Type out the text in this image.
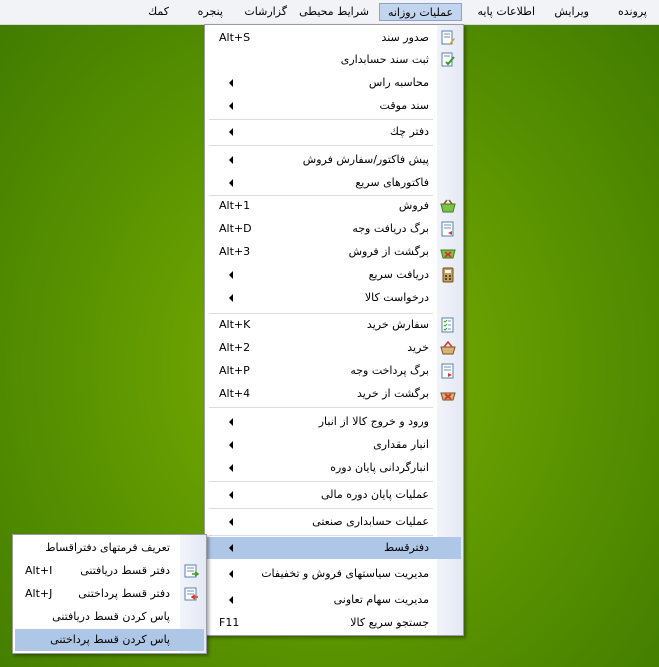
پرونده
ویرایش
اطلاعات پایه
عملیات روزانه
شرایط محیطی
گزارشات
پنجره
کمك
Alt+S	صدور سند
ثبت سند حسابداری
محاسبه راس
سند موقت
دفتر چك
پیش فاکتور/سفارش فروش
فاکتورهای سریع
Alt+1	فروش
Alt+D	برگ دریافت وجه
Alt+3	برگشت از فروش
دریافت سریع
درخواست کالا
Alt+K	سفارش خرید
Alt+2	خرید
Alt+P	برگ پرداخت وجه
Alt+4	برگشت از خرید
ورود و خروج کالا از انبار
انبار مقداری
انبارگردانی پایان دوره
عملیات پایان دوره مالی
عملیات حسابداری صنعتی
دفترقسط
مدیریت سیاستهای فروش و تخفیفات
مدیریت سهام تعاونی
F11	جستجو سریع کالا
تعریف فرمتهای دفتراقساط
Alt+I	دفتر قسط دریافتنی
Alt+J دفتر قسط پرداختنی
پاس کردن قسط دریافتنی
پاس کردن قسط پرداختنی
